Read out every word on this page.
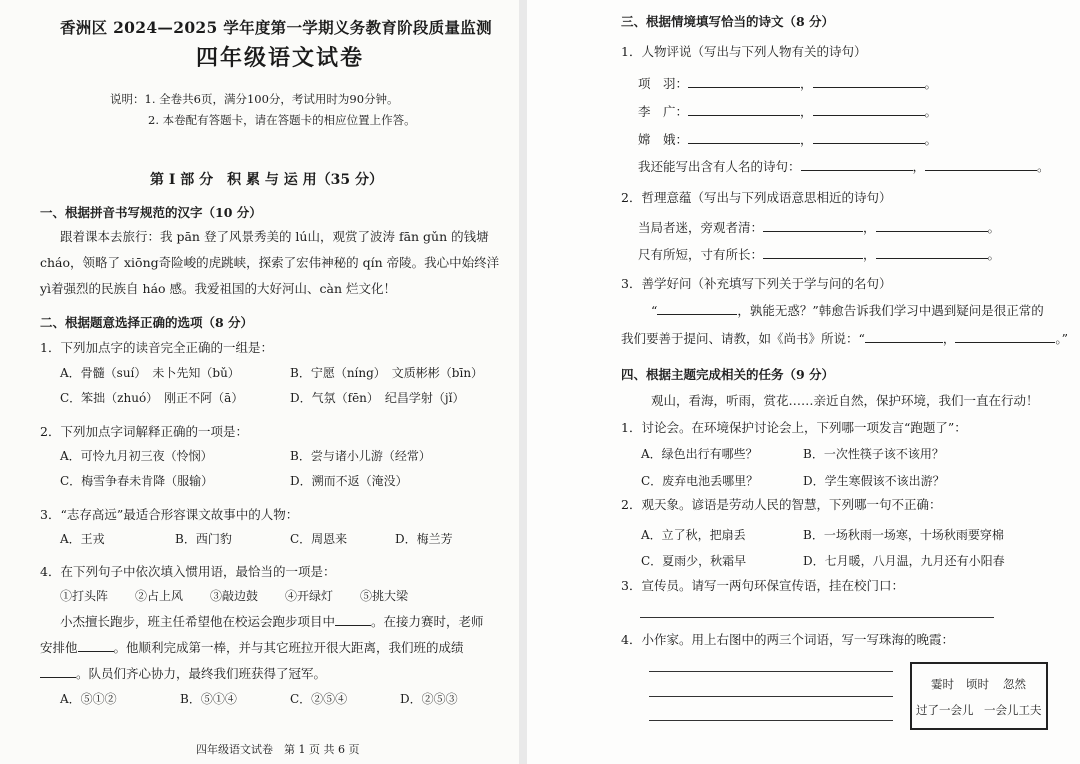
香洲区 2024—2025 学年度第一学期义务教育阶段质量监测
四年级语文试卷
说明：1. 全卷共6页，满分100分，考试用时为90分钟。
2. 本卷配有答题卡，请在答题卡的相应位置上作答。
第 Ⅰ 部 分　积 累 与 运 用（35 分）
一、根据拼音书写规范的汉字（10 分）
跟着课本去旅行：我 pān 登了风景秀美的 lú山，观赏了波涛 fān gǔn 的钱塘
cháo，领略了 xiōng奇险峻的虎跳峡，探索了宏伟神秘的 qín 帝陵。我心中始终洋
yì着强烈的民族自 háo 感。我爱祖国的大好河山、càn 烂文化！
二、根据题意选择正确的选项（8 分）
1．下列加点字的读音完全正确的一组是：
A．骨髓（suí）　未卜先知（bǔ）	B．宁愿（níng）　文质彬彬（bīn）
C．笨拙（zhuó）　刚正不阿（ā）	D．气氛（fēn）　纪昌学射（jǐ）
2．下列加点字词解释正确的一项是：
A．可怜九月初三夜（怜悯）	B．尝与诸小儿游（经常）
C．梅雪争春未肯降（服输）	D．溯而不返（淹没）
3．“志存高远”最适合形容课文故事中的人物：
A．王戎	B．西门豹	C．周恩来	D．梅兰芳
4．在下列句子中依次填入惯用语，最恰当的一项是：
①打头阵 ②占上风 ③敲边鼓 ④开绿灯 ⑤挑大梁
小杰擅长跑步，班主任希望他在校运会跑步项目中	。在接力赛时，老师
安排他	。他顺利完成第一棒，并与其它班拉开很大距离，我们班的成绩
。队员们齐心协力，最终我们班获得了冠军。
A．⑤①②	B．⑤①④	C．②⑤④	D．②⑤③
四年级语文试卷　第 1 页 共 6 页
三、根据情境填写恰当的诗文（8 分）
1．人物评说（写出与下列人物有关的诗句）
项　羽：	，	。
李　广：	，	。
嫦　娥：	，	。
我还能写出含有人名的诗句：	，	。
2．哲理意蕴（写出与下列成语意思相近的诗句）
当局者迷，旁观者清：	，	。
尺有所短，寸有所长：	，	。
3．善学好问（补充填写下列关于学与问的名句）
“	，孰能无惑？”韩愈告诉我们学习中遇到疑问是很正常的
我们要善于提问、请教，如《尚书》所说：“	，	。”
四、根据主题完成相关的任务（9 分）
观山，看海，听雨，赏花……亲近自然，保护环境，我们一直在行动！
1．讨论会。在环境保护讨论会上，下列哪一项发言“跑题了”：
A．绿色出行有哪些？	B．一次性筷子该不该用？
C．废弃电池丢哪里？	D．学生寒假该不该出游？
2．观天象。谚语是劳动人民的智慧，下列哪一句不正确：
A．立了秋，把扇丢	B．一场秋雨一场寒，十场秋雨要穿棉
C．夏雨少，秋霜早	D．七月暖，八月温，九月还有小阳春
3．宣传员。请写一两句环保宣传语，挂在校门口：
4．小作家。用上右图中的两三个词语，写一写珠海的晚霞：
霎时 顷时 忽然
过了一会儿 一会儿工夫
